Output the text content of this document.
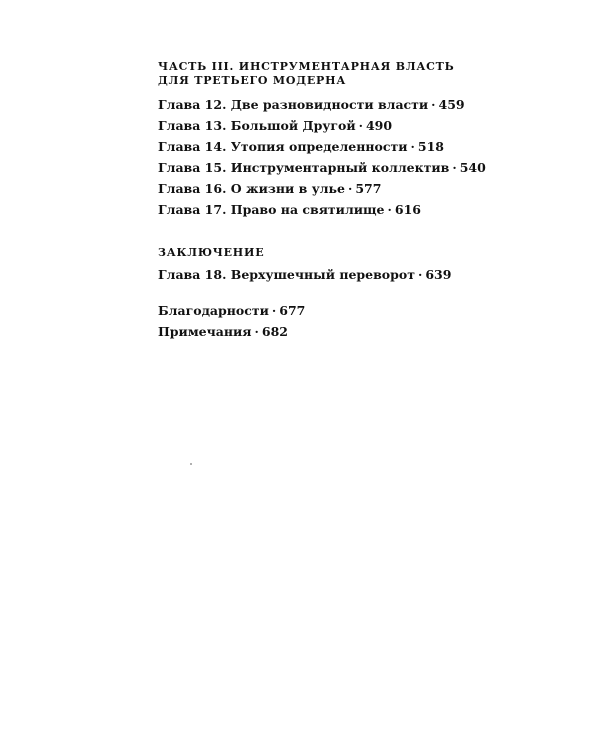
ЧАСТЬ III. ИНСТРУМЕНТАРНАЯ ВЛАСТЬ
ДЛЯ ТРЕТЬЕГО МОДЕРНА

Глава 12. Две разновидности власти · 459

Глава 13. Большой Другой · 490

Глава 14. Утопия определенности · 518

Глава 15. Инструментарный коллектив · 540

Глава 16. О жизни в улье · 577

Глава 17. Право на святилище · 616

ЗАКЛЮЧЕНИЕ

Глава 18. Верхушечный переворот · 639

Благодарности · 677

Примечания · 682
